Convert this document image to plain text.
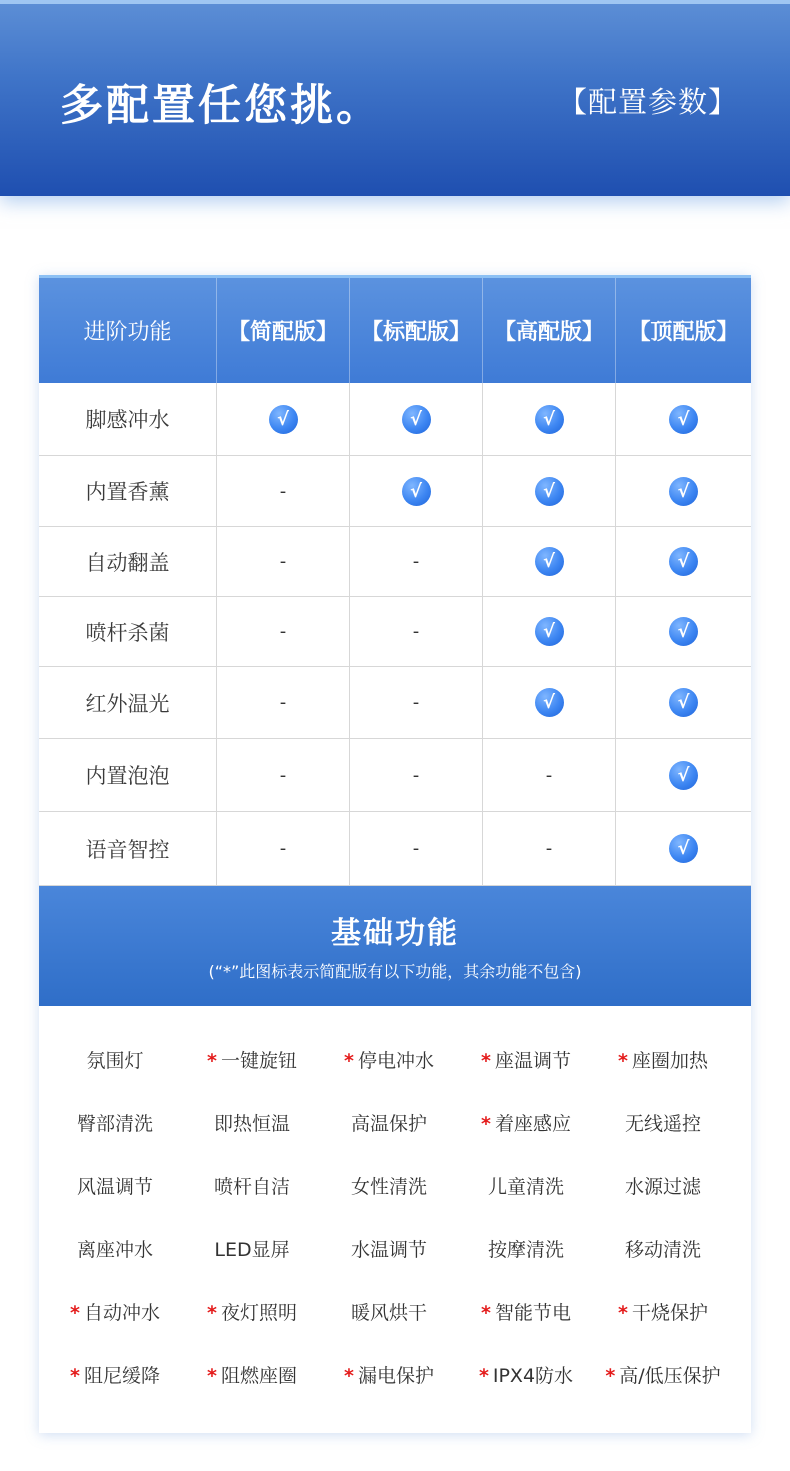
多配置任您挑。	【配置参数】
进阶功能	【简配版】	【标配版】	【高配版】	【顶配版】
脚感冲水	√	√	√	√
内置香薰	-	√	√	√
自动翻盖	-	-	√	√
喷杆杀菌	-	-	√	√
红外温光	-	-	√	√
内置泡泡	-	-	-	√
语音智控	-	-	-	√
基础功能
(“*”此图标表示简配版有以下功能，其余功能不包含)
氛围灯	* 一键旋钮	* 停电冲水	* 座温调节	* 座圈加热
臀部清洗	即热恒温	高温保护	* 着座感应	无线遥控
风温调节	喷杆自洁	女性清洗	儿童清洗	水源过滤
离座冲水	LED显屏	水温调节	按摩清洗	移动清洗
* 自动冲水	* 夜灯照明	暖风烘干	* 智能节电	* 干烧保护
* 阻尼缓降	* 阻燃座圈	* 漏电保护	* IPX4防水	* 高/低压保护
